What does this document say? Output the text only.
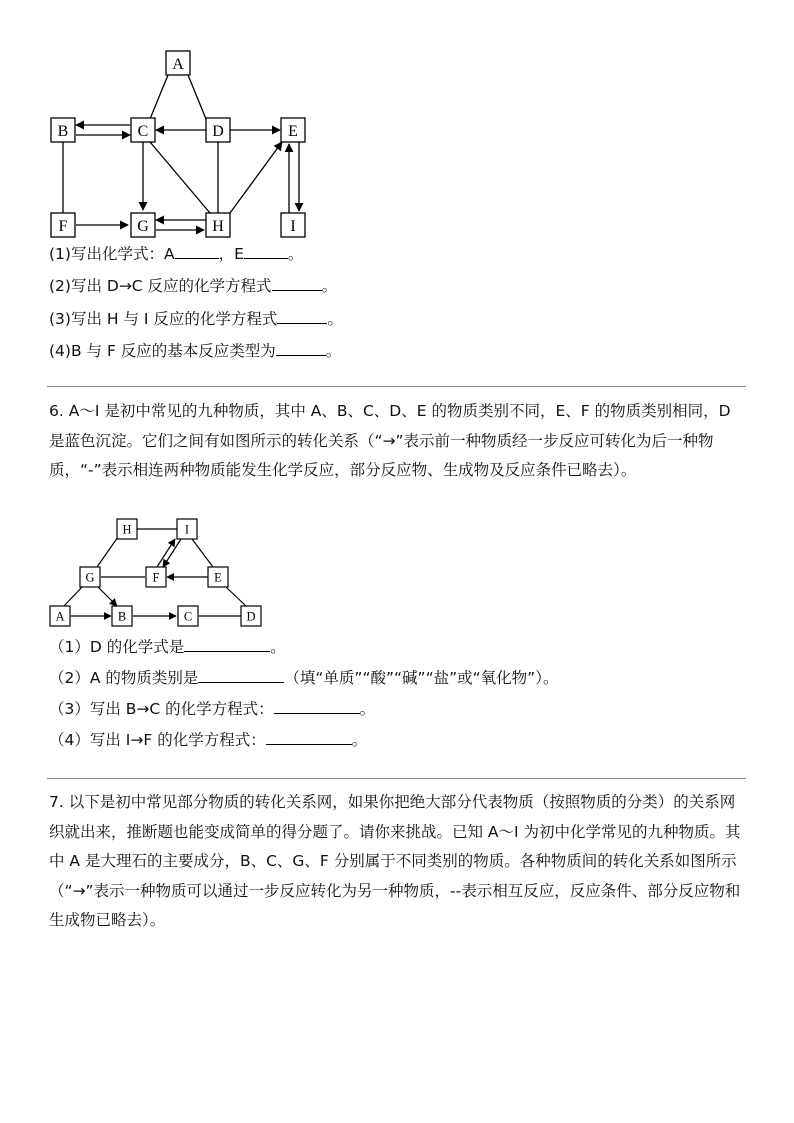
A
B	C	D	E
F	G	H	I
(1)写出化学式：A	，E	。
(2)写出 D→C 反应的化学方程式	。
(3)写出 H 与 I 反应的化学方程式	。
(4)B 与 F 反应的基本反应类型为	。
6. A～I 是初中常见的九种物质，其中 A、B、C、D、E 的物质类别不同，E、F 的物质类别相同，D 是蓝色沉淀。它们之间有如图所示的转化关系（“→”表示前一种物质经一步反应可转化为后一种物质，“-”表示相连两种物质能发生化学反应，部分反应物、生成物及反应条件已略去）。
H	I
G	F	E
A	B	C	D
（1）D 的化学式是	。
（2）A 的物质类别是	（填“单质”“酸”“碱”“盐”或“氧化物”）。
（3）写出 B→C 的化学方程式：	。
（4）写出 I→F 的化学方程式：	。
7. 以下是初中常见部分物质的转化关系网，如果你把绝大部分代表物质（按照物质的分类）的关系网织就出来，推断题也能变成简单的得分题了。请你来挑战。已知 A～I 为初中化学常见的九种物质。其中 A 是大理石的主要成分，B、C、G、F 分别属于不同类别的物质。各种物质间的转化关系如图所示（“→”表示一种物质可以通过一步反应转化为另一种物质，--表示相互反应，反应条件、部分反应物和生成物已略去）。
